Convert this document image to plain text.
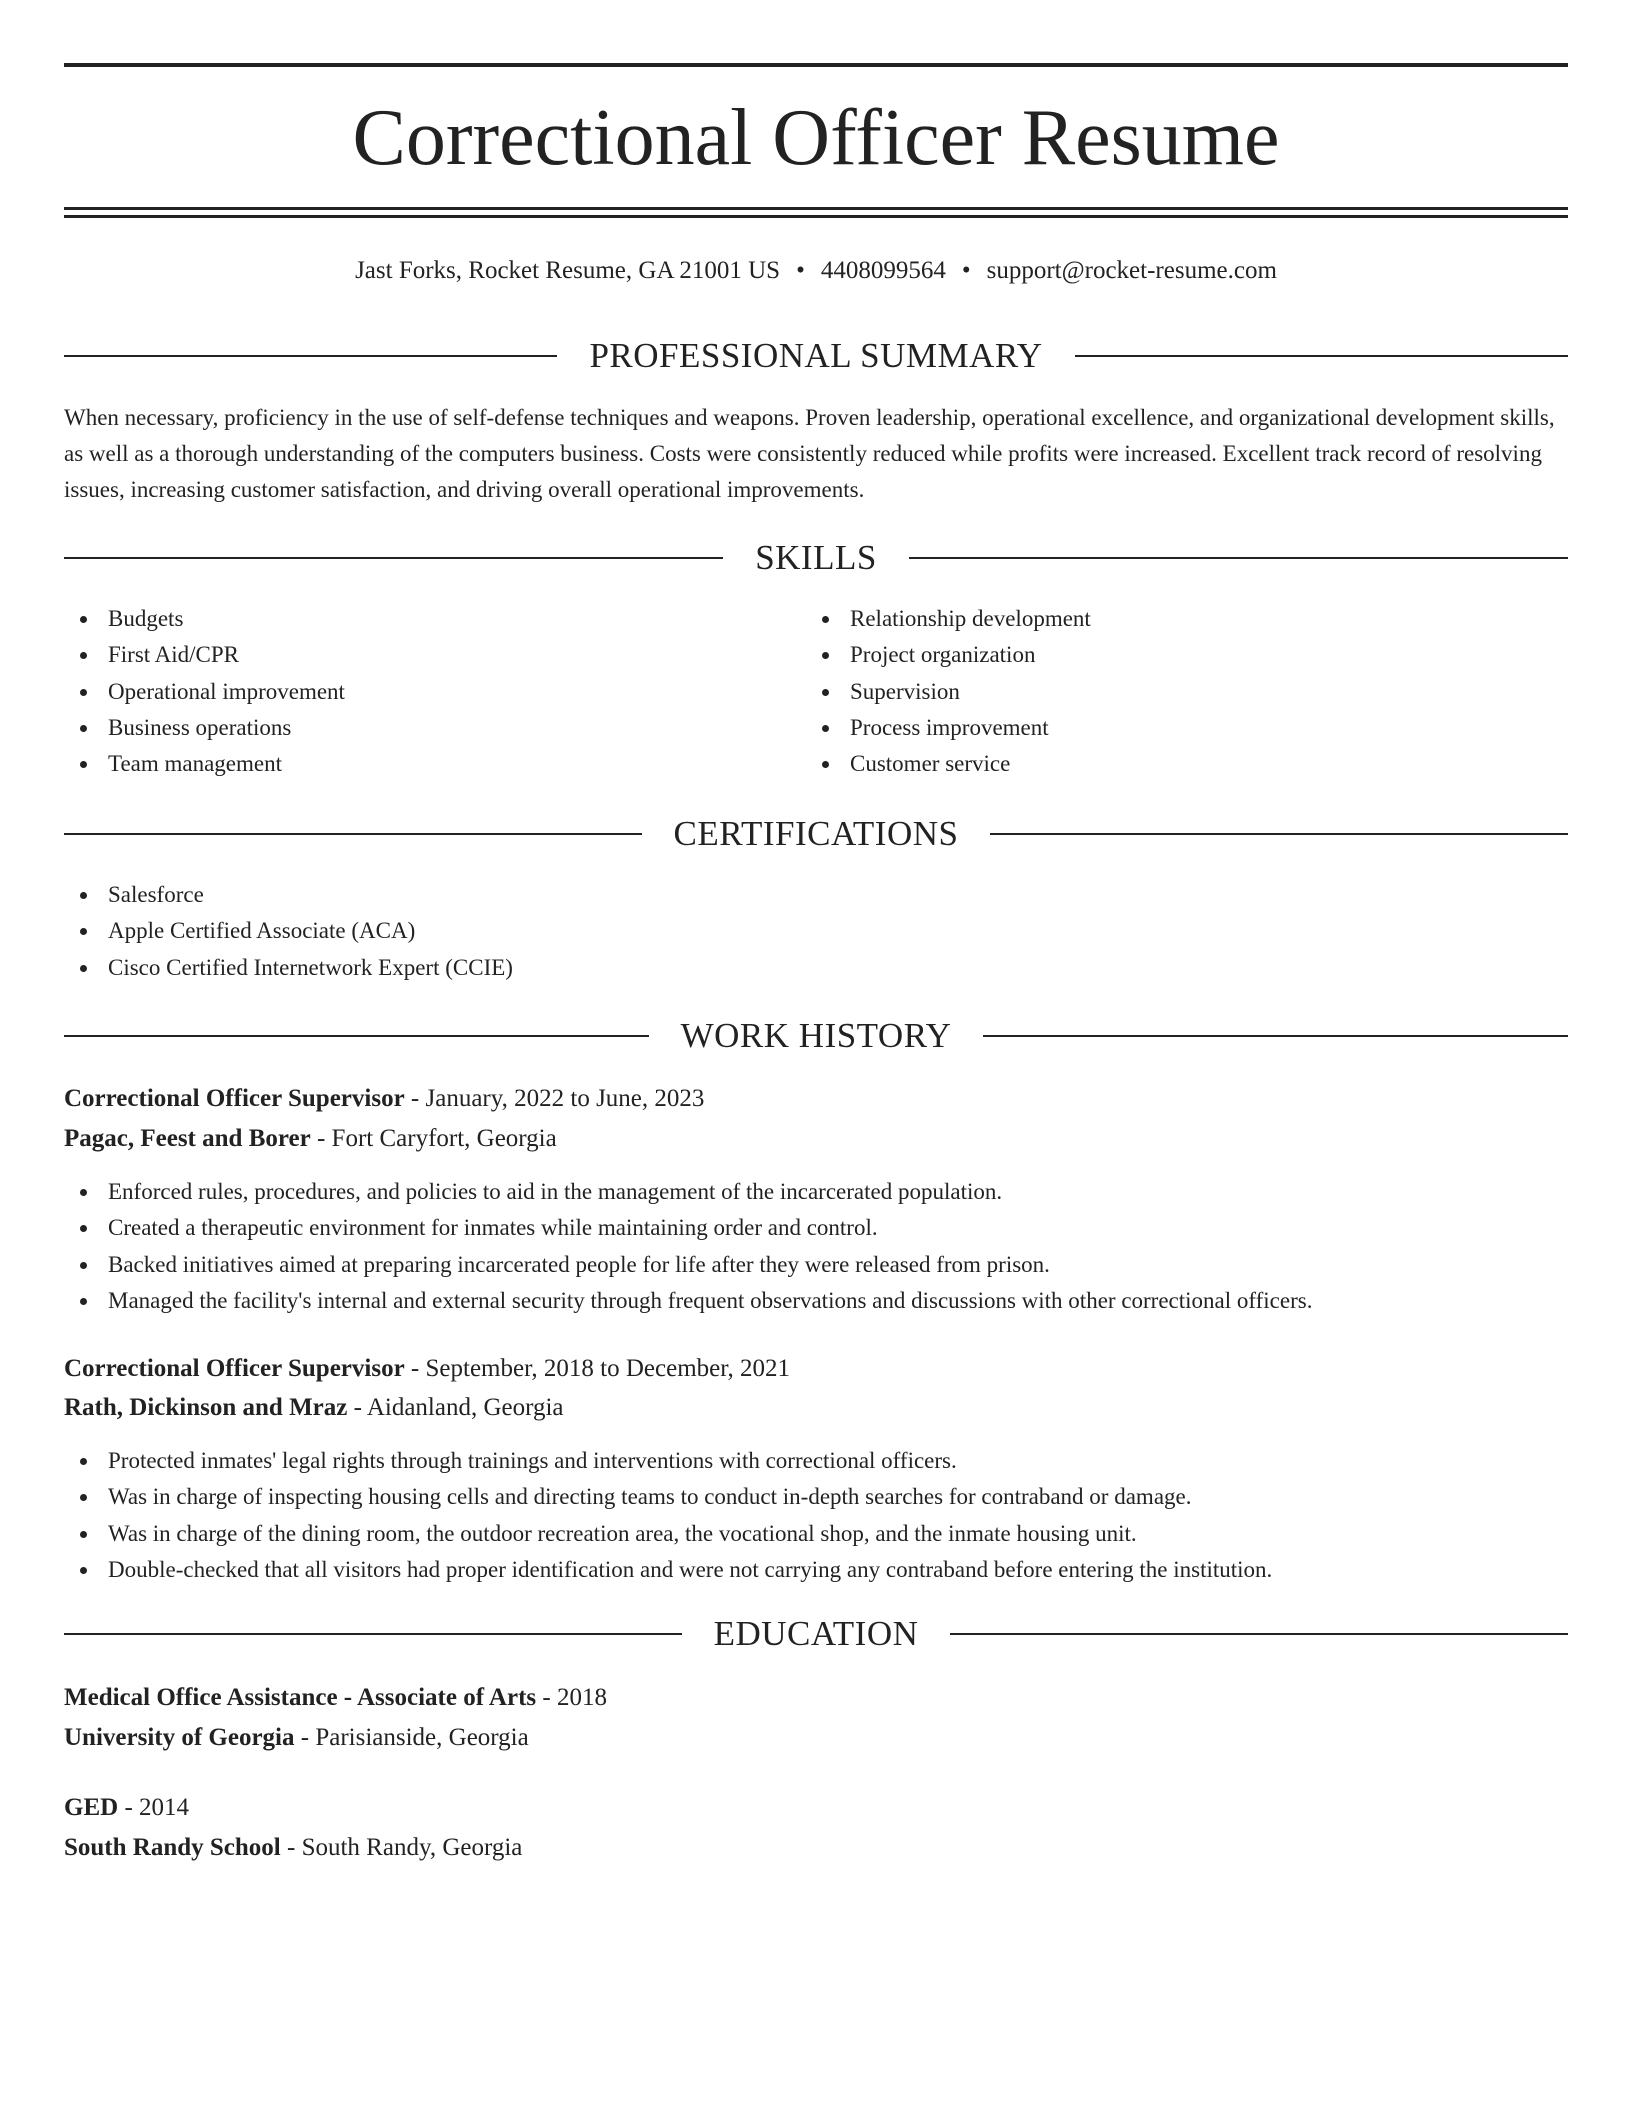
Correctional Officer Resume
Jast Forks, Rocket Resume, GA 21001 US • 4408099564 • support@rocket-resume.com
PROFESSIONAL SUMMARY

When necessary, proficiency in the use of self-defense techniques and weapons. Proven leadership, operational excellence, and organizational development skills, as well as a thorough understanding of the computers business. Costs were consistently reduced while profits were increased. Excellent track record of resolving issues, increasing customer satisfaction, and driving overall operational improvements.

SKILLS
Budgets
First Aid/CPR
Operational improvement
Business operations
Team management
Relationship development
Project organization
Supervision
Process improvement
Customer service
CERTIFICATIONS
Salesforce
Apple Certified Associate (ACA)
Cisco Certified Internetwork Expert (CCIE)
WORK HISTORY
Correctional Officer Supervisor - January, 2022 to June, 2023
Pagac, Feest and Borer - Fort Caryfort, Georgia
Enforced rules, procedures, and policies to aid in the management of the incarcerated population.
Created a therapeutic environment for inmates while maintaining order and control.
Backed initiatives aimed at preparing incarcerated people for life after they were released from prison.
Managed the facility's internal and external security through frequent observations and discussions with other correctional officers.
Correctional Officer Supervisor - September, 2018 to December, 2021
Rath, Dickinson and Mraz - Aidanland, Georgia
Protected inmates' legal rights through trainings and interventions with correctional officers.
Was in charge of inspecting housing cells and directing teams to conduct in-depth searches for contraband or damage.
Was in charge of the dining room, the outdoor recreation area, the vocational shop, and the inmate housing unit.
Double-checked that all visitors had proper identification and were not carrying any contraband before entering the institution.
EDUCATION
Medical Office Assistance - Associate of Arts - 2018
University of Georgia - Parisianside, Georgia
GED - 2014
South Randy School - South Randy, Georgia
